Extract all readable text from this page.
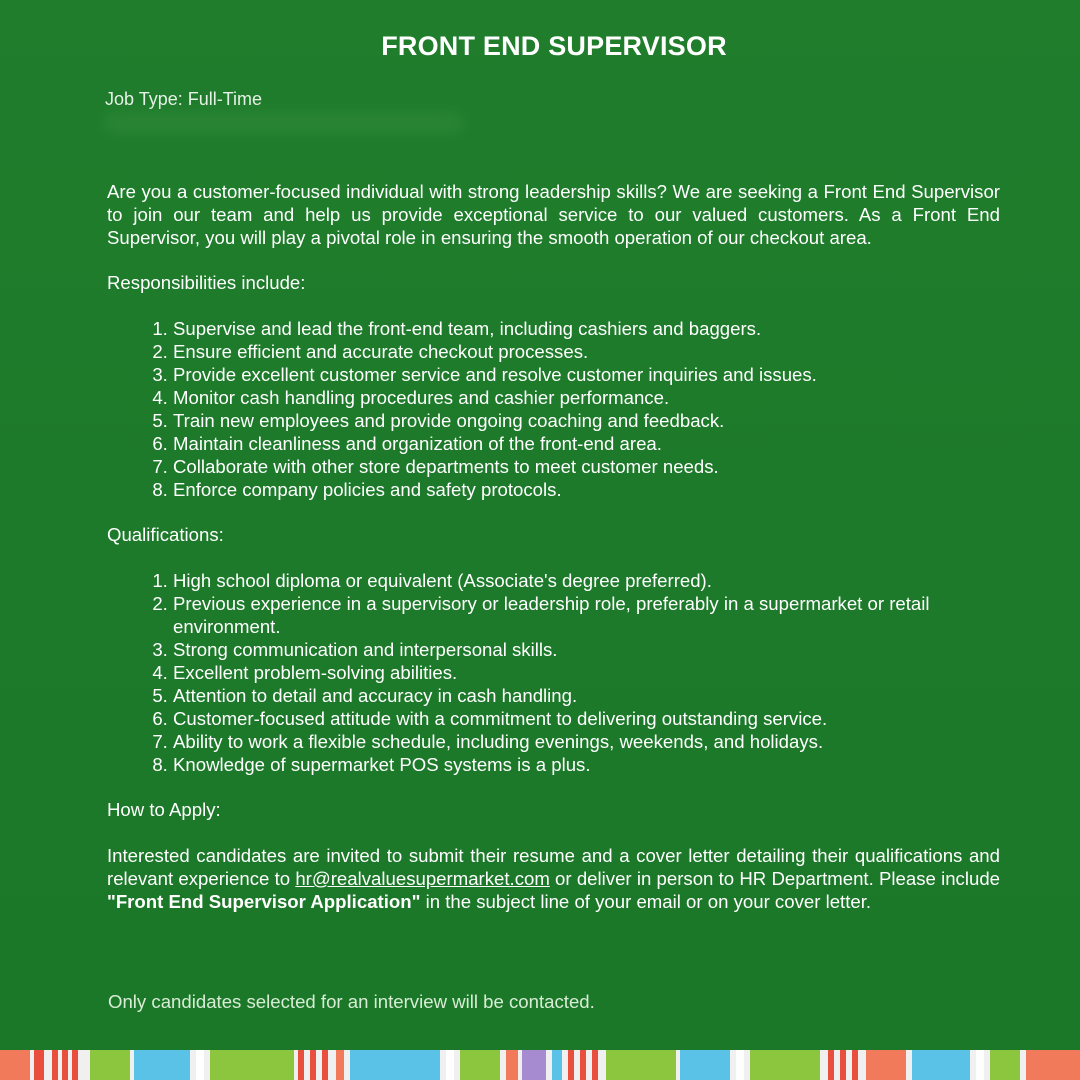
FRONT END SUPERVISOR
Job Type: Full-Time

Are you a customer-focused individual with strong leadership skills? We are seeking a Front End Supervisor to join our team and help us provide exceptional service to our valued customers. As a Front End Supervisor, you will play a pivotal role in ensuring the smooth operation of our checkout area.

Responsibilities include:

1. Supervise and lead the front-end team, including cashiers and baggers.
2. Ensure efficient and accurate checkout processes.
3. Provide excellent customer service and resolve customer inquiries and issues.
4. Monitor cash handling procedures and cashier performance.
5. Train new employees and provide ongoing coaching and feedback.
6. Maintain cleanliness and organization of the front-end area.
7. Collaborate with other store departments to meet customer needs.
8. Enforce company policies and safety protocols.

Qualifications:

1. High school diploma or equivalent (Associate's degree preferred).
2. Previous experience in a supervisory or leadership role, preferably in a supermarket or retail environment.
3. Strong communication and interpersonal skills.
4. Excellent problem-solving abilities.
5. Attention to detail and accuracy in cash handling.
6. Customer-focused attitude with a commitment to delivering outstanding service.
7. Ability to work a flexible schedule, including evenings, weekends, and holidays.
8. Knowledge of supermarket POS systems is a plus.

How to Apply:

Interested candidates are invited to submit their resume and a cover letter detailing their qualifications and relevant experience to hr@realvaluesupermarket.com or deliver in person to HR Department. Please include "Front End Supervisor Application" in the subject line of your email or on your cover letter.

Only candidates selected for an interview will be contacted.
